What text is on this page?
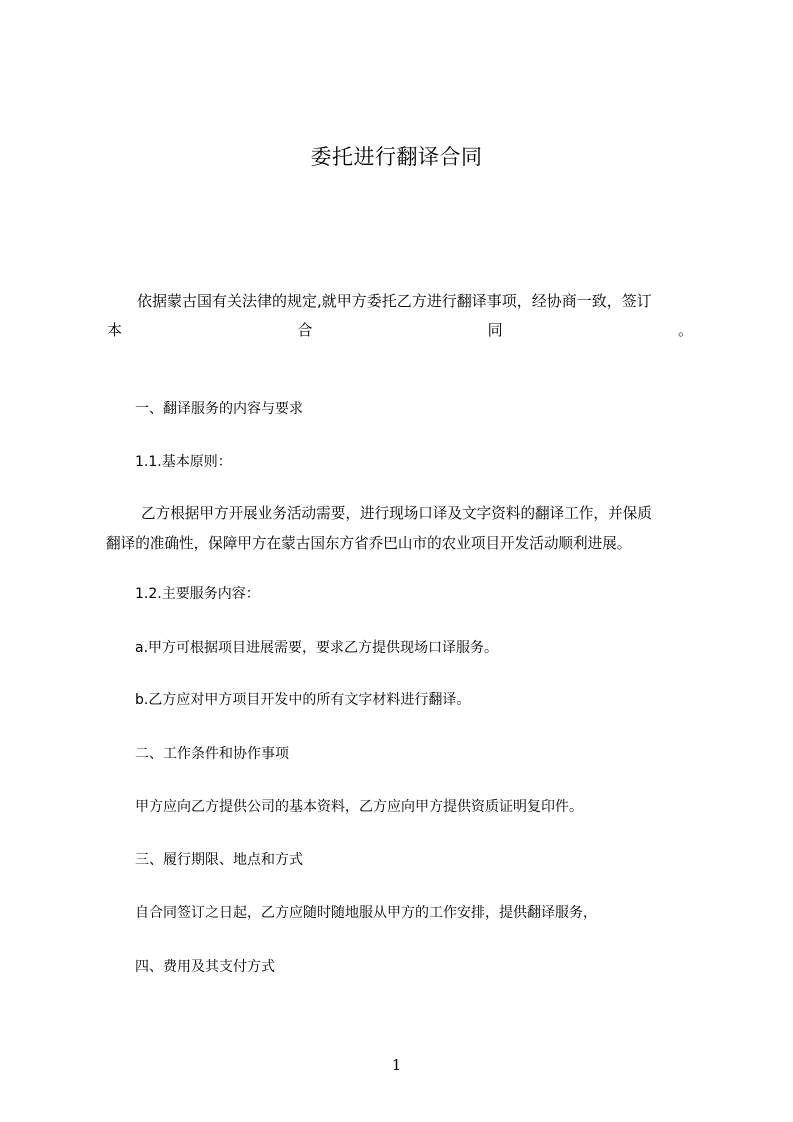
委托进行翻译合同
依据蒙古国有关法律的规定,就甲方委托乙方进行翻译事项，经协商一致，签订
本	合	同	。
一、翻译服务的内容与要求
1.1.基本原则：
乙方根据甲方开展业务活动需要，进行现场口译及文字资料的翻译工作，并保质
翻译的准确性，保障甲方在蒙古国东方省乔巴山市的农业项目开发活动顺利进展。
1.2.主要服务内容：
a.甲方可根据项目进展需要，要求乙方提供现场口译服务。
b.乙方应对甲方项目开发中的所有文字材料进行翻译。
二、工作条件和协作事项
甲方应向乙方提供公司的基本资料，乙方应向甲方提供资质证明复印件。
三、履行期限、地点和方式
自合同签订之日起，乙方应随时随地服从甲方的工作安排，提供翻译服务，
四、费用及其支付方式
1
